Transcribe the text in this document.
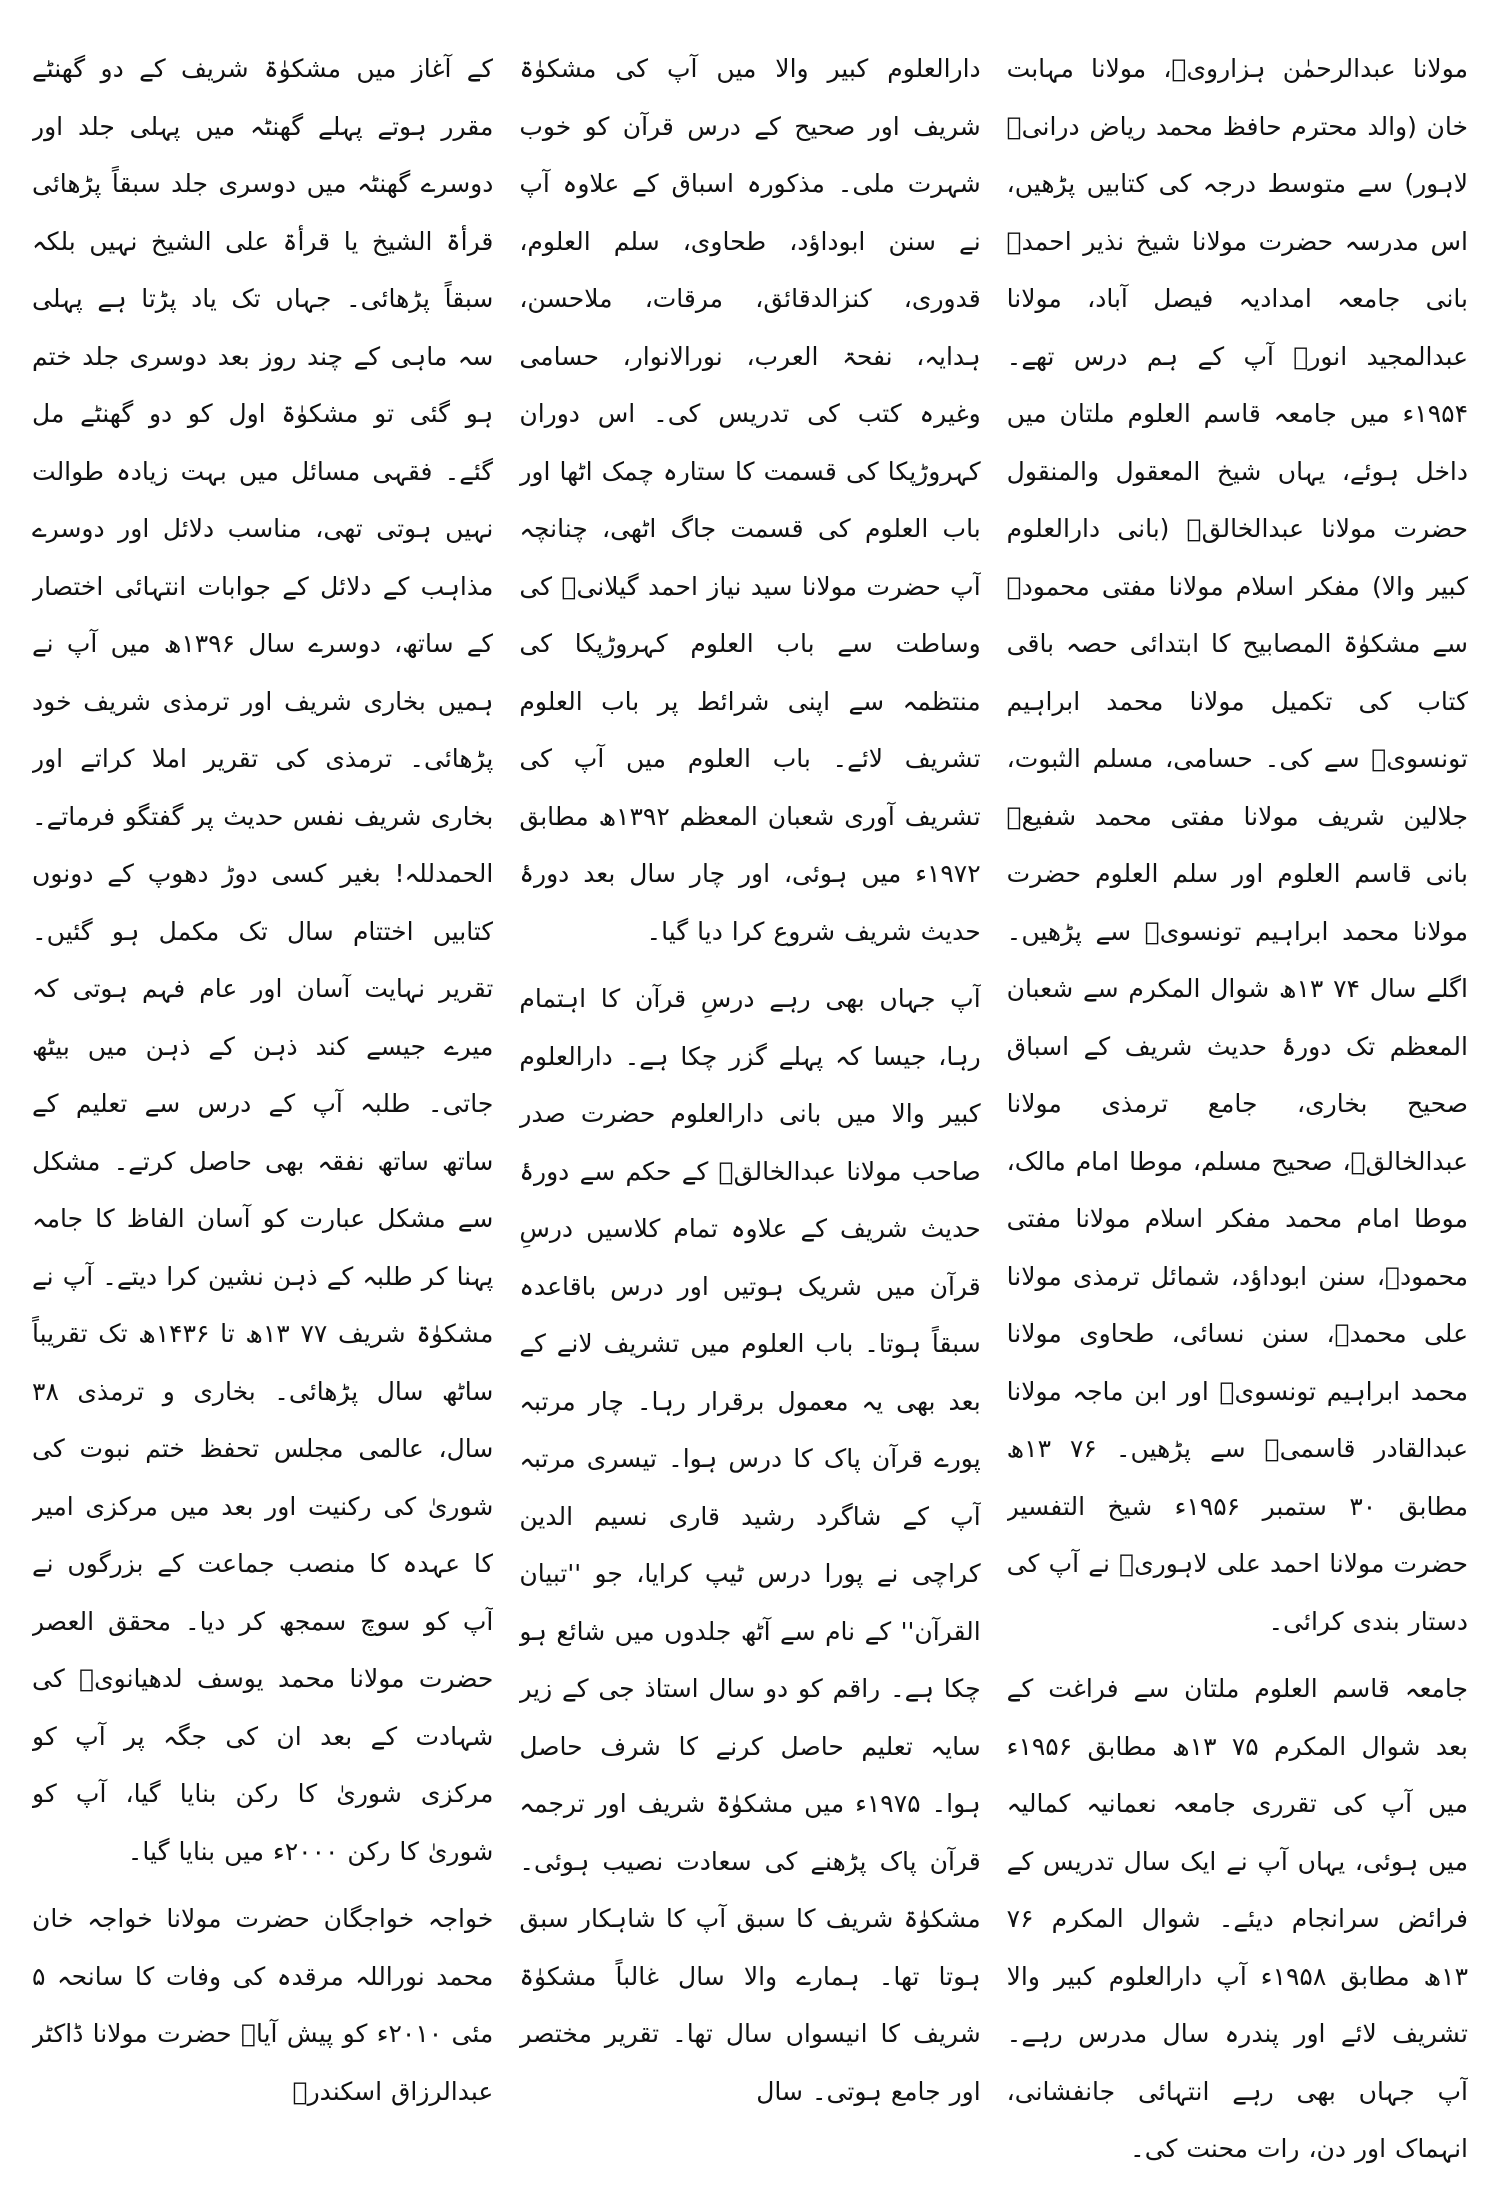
مولانا عبدالرحمٰن ہزارویؒ، مولانا مہابت خان (والد محترم حافظ محمد ریاض درانیؒ لاہور) سے متوسط درجہ کی کتابیں پڑھیں، اس مدرسہ حضرت مولانا شیخ نذیر احمدؒ بانی جامعہ امدادیہ فیصل آباد، مولانا عبدالمجید انورؒ آپ کے ہم درس تھے۔ ۱۹۵۴ء میں جامعہ قاسم العلوم ملتان میں داخل ہوئے، یہاں شیخ المعقول والمنقول حضرت مولانا عبدالخالقؒ (بانی دارالعلوم کبیر والا) مفکر اسلام مولانا مفتی محمودؒ سے مشکوٰۃ المصابیح کا ابتدائی حصہ باقی کتاب کی تکمیل مولانا محمد ابراہیم تونسویؒ سے کی۔ حسامی، مسلم الثبوت، جلالین شریف مولانا مفتی محمد شفیعؒ بانی قاسم العلوم اور سلم العلوم حضرت مولانا محمد ابراہیم تونسویؒ سے پڑھیں۔ اگلے سال ۷۴ ۱۳ھ شوال المکرم سے شعبان المعظم تک دورۂ حدیث شریف کے اسباق صحیح بخاری، جامع ترمذی مولانا عبدالخالقؒ، صحیح مسلم، موطا امام مالک، موطا امام محمد مفکر اسلام مولانا مفتی محمودؒ، سنن ابوداؤد، شمائل ترمذی مولانا علی محمدؒ، سنن نسائی، طحاوی مولانا محمد ابراہیم تونسویؒ اور ابن ماجہ مولانا عبدالقادر قاسمیؒ سے پڑھیں۔ ۷۶ ۱۳ھ مطابق ۳۰ ستمبر ۱۹۵۶ء شیخ التفسیر حضرت مولانا احمد علی لاہوریؒ نے آپ کی دستار بندی کرائی۔

جامعہ قاسم العلوم ملتان سے فراغت کے بعد شوال المکرم ۷۵ ۱۳ھ مطابق ۱۹۵۶ء میں آپ کی تقرری جامعہ نعمانیہ کمالیہ میں ہوئی، یہاں آپ نے ایک سال تدریس کے فرائض سرانجام دیئے۔ شوال المکرم ۷۶ ۱۳ھ مطابق ۱۹۵۸ء آپ دارالعلوم کبیر والا تشریف لائے اور پندرہ سال مدرس رہے۔ آپ جہاں بھی رہے انتہائی جانفشانی، انہماک اور دن، رات محنت کی۔

دارالعلوم کبیر والا میں آپ کی مشکوٰۃ شریف اور صحیح کے درس قرآن کو خوب شہرت ملی۔ مذکورہ اسباق کے علاوہ آپ نے سنن ابوداؤد، طحاوی، سلم العلوم، قدوری، کنزالدقائق، مرقات، ملاحسن، ہدایہ، نفحۃ العرب، نورالانوار، حسامی وغیرہ کتب کی تدریس کی۔ اس دوران کہروڑپکا کی قسمت کا ستارہ چمک اٹھا اور باب العلوم کی قسمت جاگ اٹھی، چنانچہ آپ حضرت مولانا سید نیاز احمد گیلانیؒ کی وساطت سے باب العلوم کہروڑپکا کی منتظمہ سے اپنی شرائط پر باب العلوم تشریف لائے۔ باب العلوم میں آپ کی تشریف آوری شعبان المعظم ۱۳۹۲ھ مطابق ۱۹۷۲ء میں ہوئی، اور چار سال بعد دورۂ حدیث شریف شروع کرا دیا گیا۔

آپ جہاں بھی رہے درسِ قرآن کا اہتمام رہا، جیسا کہ پہلے گزر چکا ہے۔ دارالعلوم کبیر والا میں بانی دارالعلوم حضرت صدر صاحب مولانا عبدالخالقؒ کے حکم سے دورۂ حدیث شریف کے علاوہ تمام کلاسیں درسِ قرآن میں شریک ہوتیں اور درس باقاعدہ سبقاً ہوتا۔ باب العلوم میں تشریف لانے کے بعد بھی یہ معمول برقرار رہا۔ چار مرتبہ پورے قرآن پاک کا درس ہوا۔ تیسری مرتبہ آپ کے شاگرد رشید قاری نسیم الدین کراچی نے پورا درس ٹیپ کرایا، جو ''تبیان القرآن'' کے نام سے آٹھ جلدوں میں شائع ہو چکا ہے۔ راقم کو دو سال استاذ جی کے زیر سایہ تعلیم حاصل کرنے کا شرف حاصل ہوا۔ ۱۹۷۵ء میں مشکوٰۃ شریف اور ترجمہ قرآن پاک پڑھنے کی سعادت نصیب ہوئی۔ مشکوٰۃ شریف کا سبق آپ کا شاہکار سبق ہوتا تھا۔ ہمارے والا سال غالباً مشکوٰۃ شریف کا انیسواں سال تھا۔ تقریر مختصر اور جامع ہوتی۔ سال

کے آغاز میں مشکوٰۃ شریف کے دو گھنٹے مقرر ہوتے پہلے گھنٹہ میں پہلی جلد اور دوسرے گھنٹہ میں دوسری جلد سبقاً پڑھائی قرأۃ الشیخ یا قرأۃ علی الشیخ نہیں بلکہ سبقاً پڑھائی۔ جہاں تک یاد پڑتا ہے پہلی سہ ماہی کے چند روز بعد دوسری جلد ختم ہو گئی تو مشکوٰۃ اول کو دو گھنٹے مل گئے۔ فقہی مسائل میں بہت زیادہ طوالت نہیں ہوتی تھی، مناسب دلائل اور دوسرے مذاہب کے دلائل کے جوابات انتہائی اختصار کے ساتھ، دوسرے سال ۱۳۹۶ھ میں آپ نے ہمیں بخاری شریف اور ترمذی شریف خود پڑھائی۔ ترمذی کی تقریر املا کراتے اور بخاری شریف نفس حدیث پر گفتگو فرماتے۔ الحمدللہ! بغیر کسی دوڑ دھوپ کے دونوں کتابیں اختتام سال تک مکمل ہو گئیں۔ تقریر نہایت آسان اور عام فہم ہوتی کہ میرے جیسے کند ذہن کے ذہن میں بیٹھ جاتی۔ طلبہ آپ کے درس سے تعلیم کے ساتھ ساتھ نفقہ بھی حاصل کرتے۔ مشکل سے مشکل عبارت کو آسان الفاظ کا جامہ پہنا کر طلبہ کے ذہن نشین کرا دیتے۔ آپ نے مشکوٰۃ شریف ۷۷ ۱۳ھ تا ۱۴۳۶ھ تک تقریباً ساٹھ سال پڑھائی۔ بخاری و ترمذی ۳۸ سال، عالمی مجلس تحفظ ختم نبوت کی شوریٰ کی رکنیت اور بعد میں مرکزی امیر کا عہدہ کا منصب جماعت کے بزرگوں نے آپ کو سوچ سمجھ کر دیا۔ محقق العصر حضرت مولانا محمد یوسف لدھیانویؒ کی شہادت کے بعد ان کی جگہ پر آپ کو مرکزی شوریٰ کا رکن بنایا گیا، آپ کو شوریٰ کا رکن ۲۰۰۰ء میں بنایا گیا۔

خواجہ خواجگان حضرت مولانا خواجہ خان محمد نوراللہ مرقدہ کی وفات کا سانحہ ۵ مئی ۲۰۱۰ء کو پیش آیا۔ حضرت مولانا ڈاکٹر عبدالرزاق اسکندرؒ
